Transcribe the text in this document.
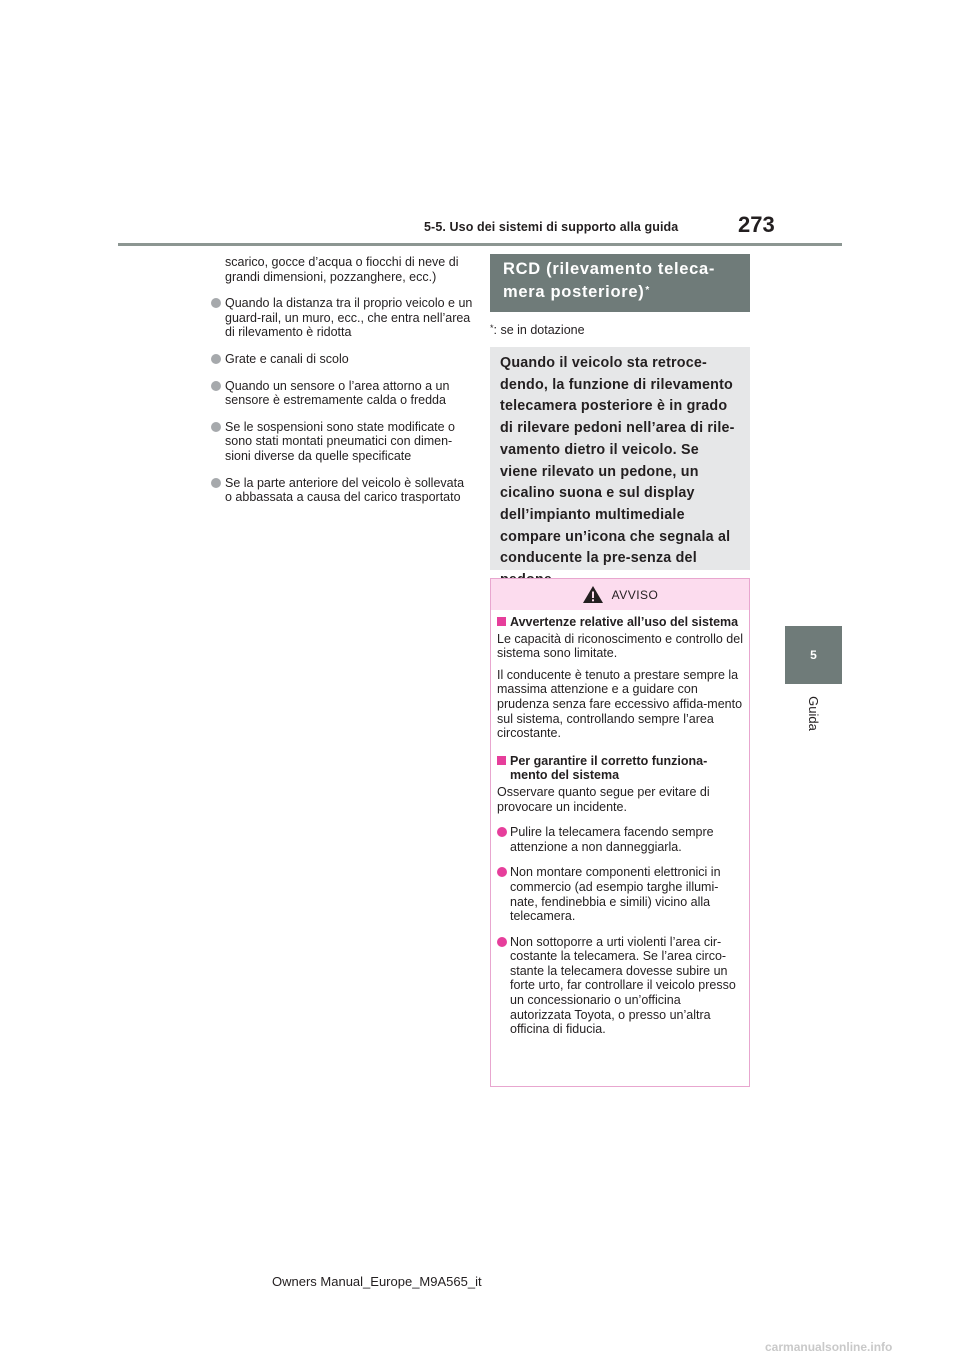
5-5. Uso dei sistemi di supporto alla guida	273
5
Guida

scarico, gocce d’acqua o fiocchi di neve di grandi dimensioni, pozzanghere, ecc.)

Quando la distanza tra il proprio veicolo e un guard-rail, un muro, ecc., che entra nell’area di rilevamento è ridotta
Grate e canali di scolo
Quando un sensore o l’area attorno a un sensore è estremamente calda o fredda
Se le sospensioni sono state modificate o sono stati montati pneumatici con dimen-sioni diverse da quelle specificate
Se la parte anteriore del veicolo è sollevata o abbassata a causa del carico trasportato
RCD (rilevamento teleca-
mera posteriore)*
*: se in dotazione

Quando il veicolo sta retroce-dendo, la funzione di rilevamento telecamera posteriore è in grado di rilevare pedoni nell’area di rile-vamento dietro il veicolo. Se viene rilevato un pedone, un cicalino suona e sul display dell’impianto multimediale compare un’icona che segnala al conducente la pre-senza del

AVVISO
Avvertenze relative all’uso del sistema

Le capacità di riconoscimento e controllo del sistema sono limitate.

Il conducente è tenuto a prestare sempre la massima attenzione e a guidare con prudenza senza fare eccessivo affida-mento sul sistema, controllando sempre l’area circostante.

Per garantire il corretto funziona-mento del sistema

Osservare quanto segue per evitare di provocare un incidente.

Pulire la telecamera facendo sempre attenzione a non danneggiarla.
Non montare componenti elettronici in commercio (ad esempio targhe illumi-nate, fendinebbia e simili) vicino alla telecamera.
Non sottoporre a urti violenti l’area cir-costante la telecamera. Se l’area circo-stante la telecamera dovesse subire un forte urto, far controllare il veicolo presso un concessionario o un’officina autorizzata Toyota, o presso un’altra officina di fiducia.
Owners Manual_Europe_M9A565_it
carmanualsonline.info
